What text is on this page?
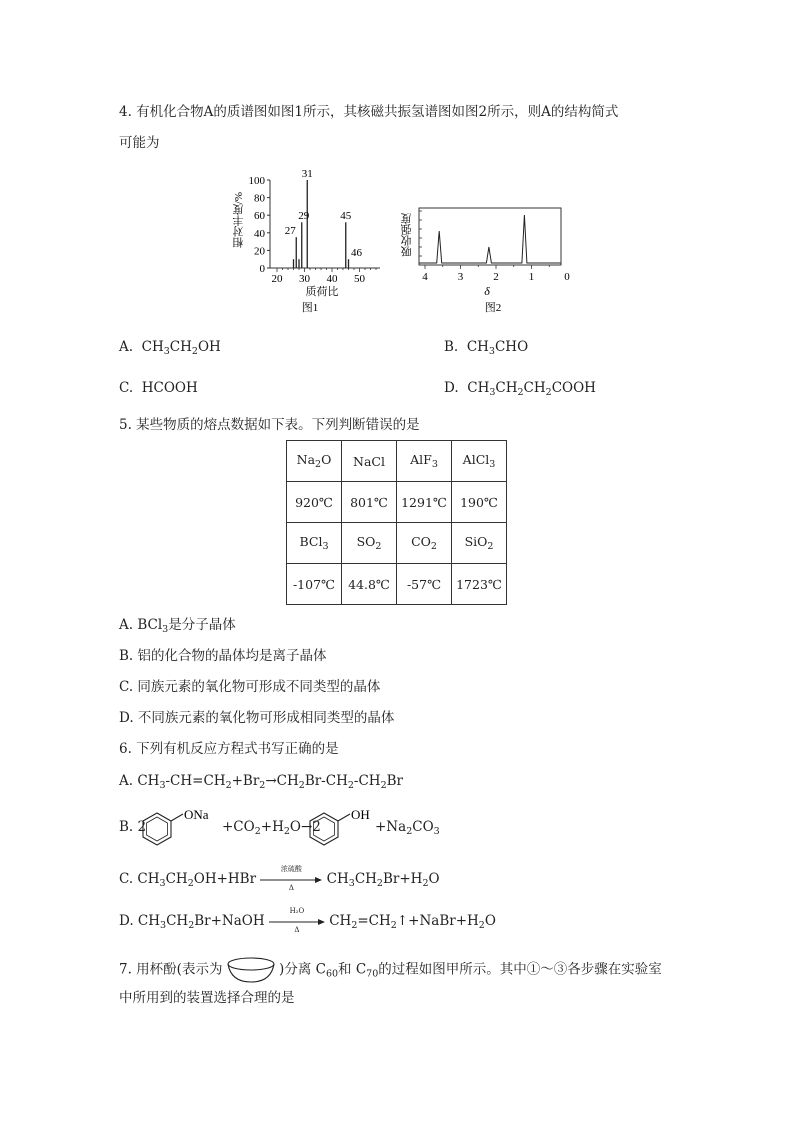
4. 有机化合物A的质谱图如图1所示，其核磁共振氢谱图如图2所示，则A的结构简式
可能为
相对丰度/%
100
80
60
40
20
0
20 30 40 50
27
29
31
45
46
质荷比
图1
吸收强度
4	3	2	1	0
δ
图2
A. $CH_3CH_2OH$	B. $CH_3CHO$
C. HCOOH	D. $CH_3CH_2CH_2COOH$
5. 某些物质的熔点数据如下表。下列判断错误的是
$Na_2O$	NaCl	AlF$_3$	AlCl$_3$
920℃	801℃	1291℃	190℃
BCl$_3$	$SO_2$	$CO_2$	SiO$_2$
-107℃	44.8℃	-57℃	1723℃
A. BCl$_3$是分子晶体
B. 铝的化合物的晶体均是离子晶体
C. 同族元素的氧化物可形成不同类型的晶体
D. 不同族元素的氧化物可形成相同类型的晶体
6. 下列有机反应方程式书写正确的是
A. $CH_3-CH=CH_2+Br_2\to CH_2Br-CH_2-CH_2Br$
B. 2
ONa
$+CO_2+H_2O\to 2$
OH
$+Na_2CO_3$
C. $CH_3CH_2OH+HBr$
浓硫酸
Δ
$CH_3CH_2Br+H_2O$
D. $CH_3CH_2Br+NaOH$
H₂O
Δ
$CH_2=CH_2↑+NaBr+H_2O$
7. 用杯酚(表示为	)分离 $C_{60}$和 $C_{70}$的过程如图甲所示。其中①～③各步骤在实验室
中所用到的装置选择合理的是
